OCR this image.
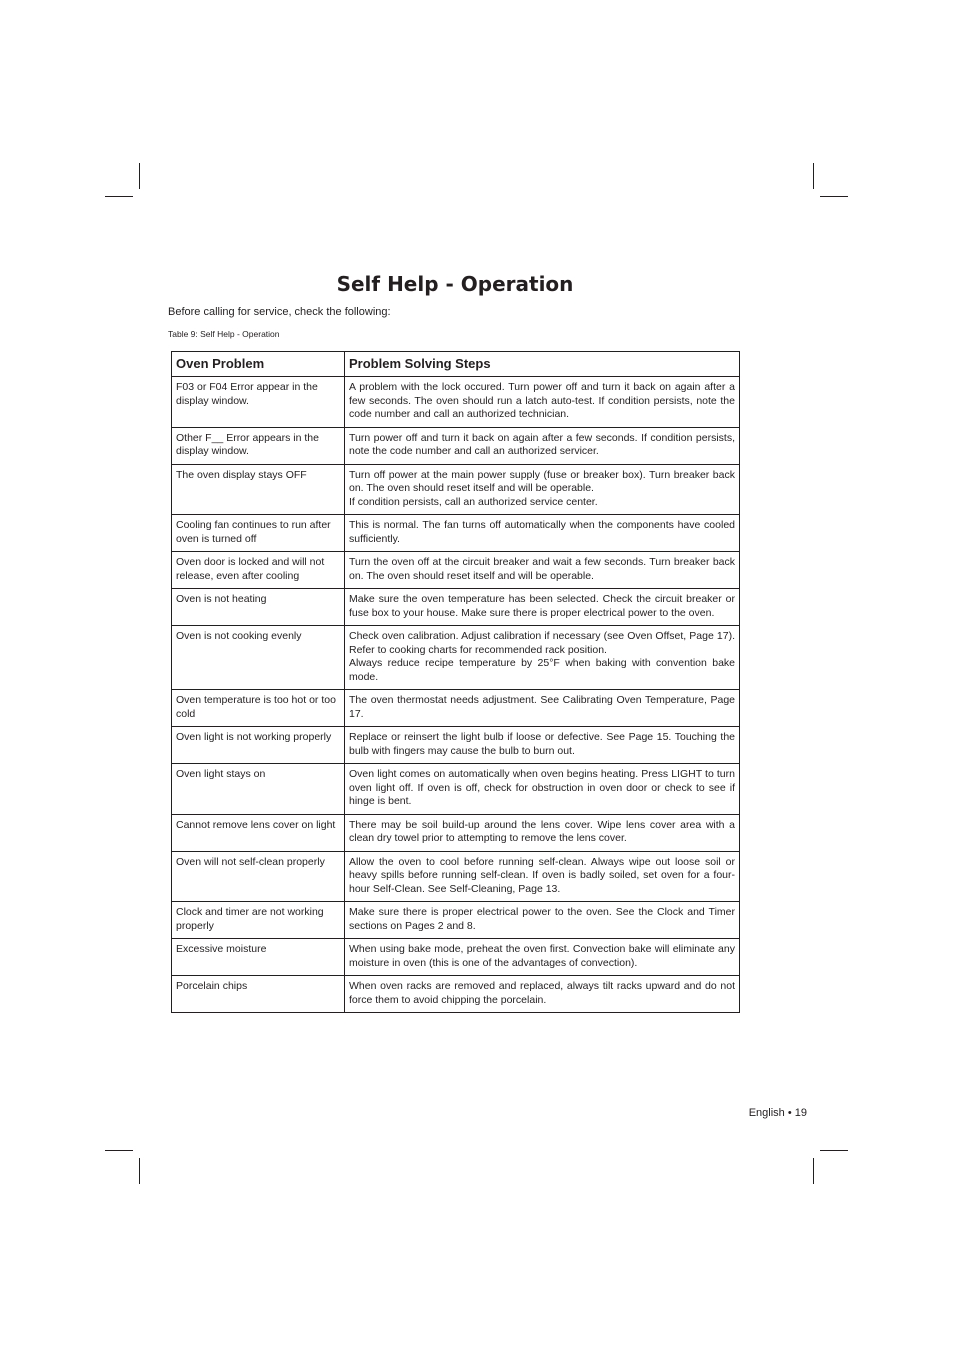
Self Help - Operation

Before calling for service, check the following:

Table 9: Self Help - Operation

Oven Problem	Problem Solving Steps
F03 or F04 Error appear in the display window.	A problem with the lock occured. Turn power off and turn it back on again after a few seconds. The oven should run a latch auto-test. If condition persists, note the code number and call an authorized technician.

Other F__ Error appears in the display window.	Turn power off and turn it back on again after a few seconds. If condition persists, note the code number and call an authorized servicer.

The oven display stays OFF	Turn off power at the main power supply (fuse or breaker box). Turn breaker back on. The oven should reset itself and will be operable.
If condition persists, call an authorized service center.

Cooling fan continues to run after oven is turned off	This is normal. The fan turns off automatically when the components have cooled sufficiently.

Oven door is locked and will not release, even after cooling	Turn the oven off at the circuit breaker and wait a few seconds. Turn breaker back on. The oven should reset itself and will be operable.

Oven is not heating	Make sure the oven temperature has been selected. Check the circuit breaker or fuse box to your house. Make sure there is proper electrical power to the oven.

Oven is not cooking evenly	Check oven calibration. Adjust calibration if necessary (see Oven Offset, Page 17). Refer to cooking charts for recommended rack position.
Always reduce recipe temperature by 25°F when baking with convention bake mode.

Oven temperature is too hot or too cold	The oven thermostat needs adjustment. See Calibrating Oven Temperature, Page 17.

Oven light is not working properly	Replace or reinsert the light bulb if loose or defective. See Page 15. Touching the bulb with fingers may cause the bulb to burn out.

Oven light stays on	Oven light comes on automatically when oven begins heating. Press LIGHT to turn oven light off. If oven is off, check for obstruction in oven door or check to see if hinge is bent.

Cannot remove lens cover on light	There may be soil build-up around the lens cover. Wipe lens cover area with a clean dry towel prior to attempting to remove the lens cover.

Oven will not self-clean properly	Allow the oven to cool before running self-clean. Always wipe out loose soil or heavy spills before running self-clean. If oven is badly soiled, set oven for a four-hour Self-Clean. See Self-Cleaning, Page 13.

Clock and timer are not working properly	Make sure there is proper electrical power to the oven. See the Clock and Timer sections on Pages 2 and 8.

Excessive moisture	When using bake mode, preheat the oven first. Convection bake will eliminate any moisture in oven (this is one of the advantages of convection).

Porcelain chips	When oven racks are removed and replaced, always tilt racks upward and do not force them to avoid chipping the porcelain.

English • 19
